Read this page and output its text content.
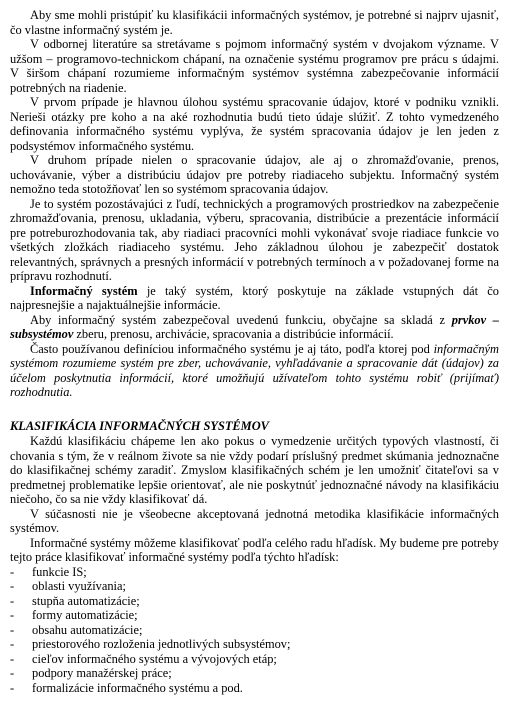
Aby sme mohli pristúpiť ku klasifikácii informačných systémov, je potrebné si najprv ujasniť, čo vlastne informačný systém je.

V odbornej literatúre sa stretávame s pojmom informačný systém v dvojakom význame. V užšom – programovo-technickom chápaní, na označenie systému programov pre prácu s údajmi. V širšom chápaní rozumieme informačným systémov systémna zabezpečovanie informácií potrebných na riadenie.

V prvom prípade je hlavnou úlohou systému spracovanie údajov, ktoré v podniku vznikli. Nerieši otázky pre koho a na aké rozhodnutia budú tieto údaje slúžiť. Z tohto vymedzeného definovania informačného systému vyplýva, že systém spracovania údajov je len jeden z podsystémov informačného systému.

V druhom prípade nielen o spracovanie údajov, ale aj o zhromažďovanie, prenos, uchovávanie, výber a distribúciu údajov pre potreby riadiaceho subjektu. Informačný systém nemožno teda stotožňovať len so systémom spracovania údajov.

Je to systém pozostávajúci z ľudí, technických a programových prostriedkov na zabezpečenie zhromažďovania, prenosu, ukladania, výberu, spracovania, distribúcie a prezentácie informácií pre potreburozhodovania tak, aby riadiaci pracovníci mohli vykonávať svoje riadiace funkcie vo všetkých zložkách riadiaceho systému. Jeho základnou úlohou je zabezpečiť dostatok relevantných, správnych a presných informácií v potrebných termínoch a v požadovanej forme na prípravu rozhodnutí.

Informačný systém je taký systém, ktorý poskytuje na základe vstupných dát čo najpresnejšie a najaktuálnejšie informácie.

Aby informačný systém zabezpečoval uvedenú funkciu, obyčajne sa skladá z prvkov – subsystémov zberu, prenosu, archivácie, spracovania a distribúcie informácií.

Často používanou definíciou informačného systému je aj táto, podľa ktorej pod informačným systémom rozumieme systém pre zber, uchovávanie, vyhľadávanie a spracovanie dát (údajov) za účelom poskytnutia informácií, ktoré umožňujú užívateľom tohto systému robiť (prijímať) rozhodnutia.

KLASIFIKÁCIA INFORMAČNÝCH SYSTÉMOV

Každú klasifikáciu chápeme len ako pokus o vymedzenie určitých typových vlastností, či chovania s tým, že v reálnom živote sa nie vždy podarí príslušný predmet skúmania jednoznačne do klasifikačnej schémy zaradiť. Zmysloм klasifikačných schém je len umožniť čitateľovi sa v predmetnej problematike lepšie orientovať, ale nie poskytnúť jednoznačné návody na klasifikáciu niečoho, čo sa nie vždy klasifikovať dá.

V súčasnosti nie je všeobecne akceptovaná jednotná metodika klasifikácie informačných systémov.

Informačné systémy môžeme klasifikovať podľa celého radu hľadísk. My budeme pre potreby tejto práce klasifikovať informačné systémy podľa týchto hľadísk:

- funkcie IS;
- oblasti využívania;
- stupňa automatizácie;
- formy automatizácie;
- obsahu automatizácie;
- priestorového rozloženia jednotlivých subsystémov;
- cieľov informačného systému a vývojových etáp;
- podpory manažérskej práce;
- formalizácie informačného systému a pod.
